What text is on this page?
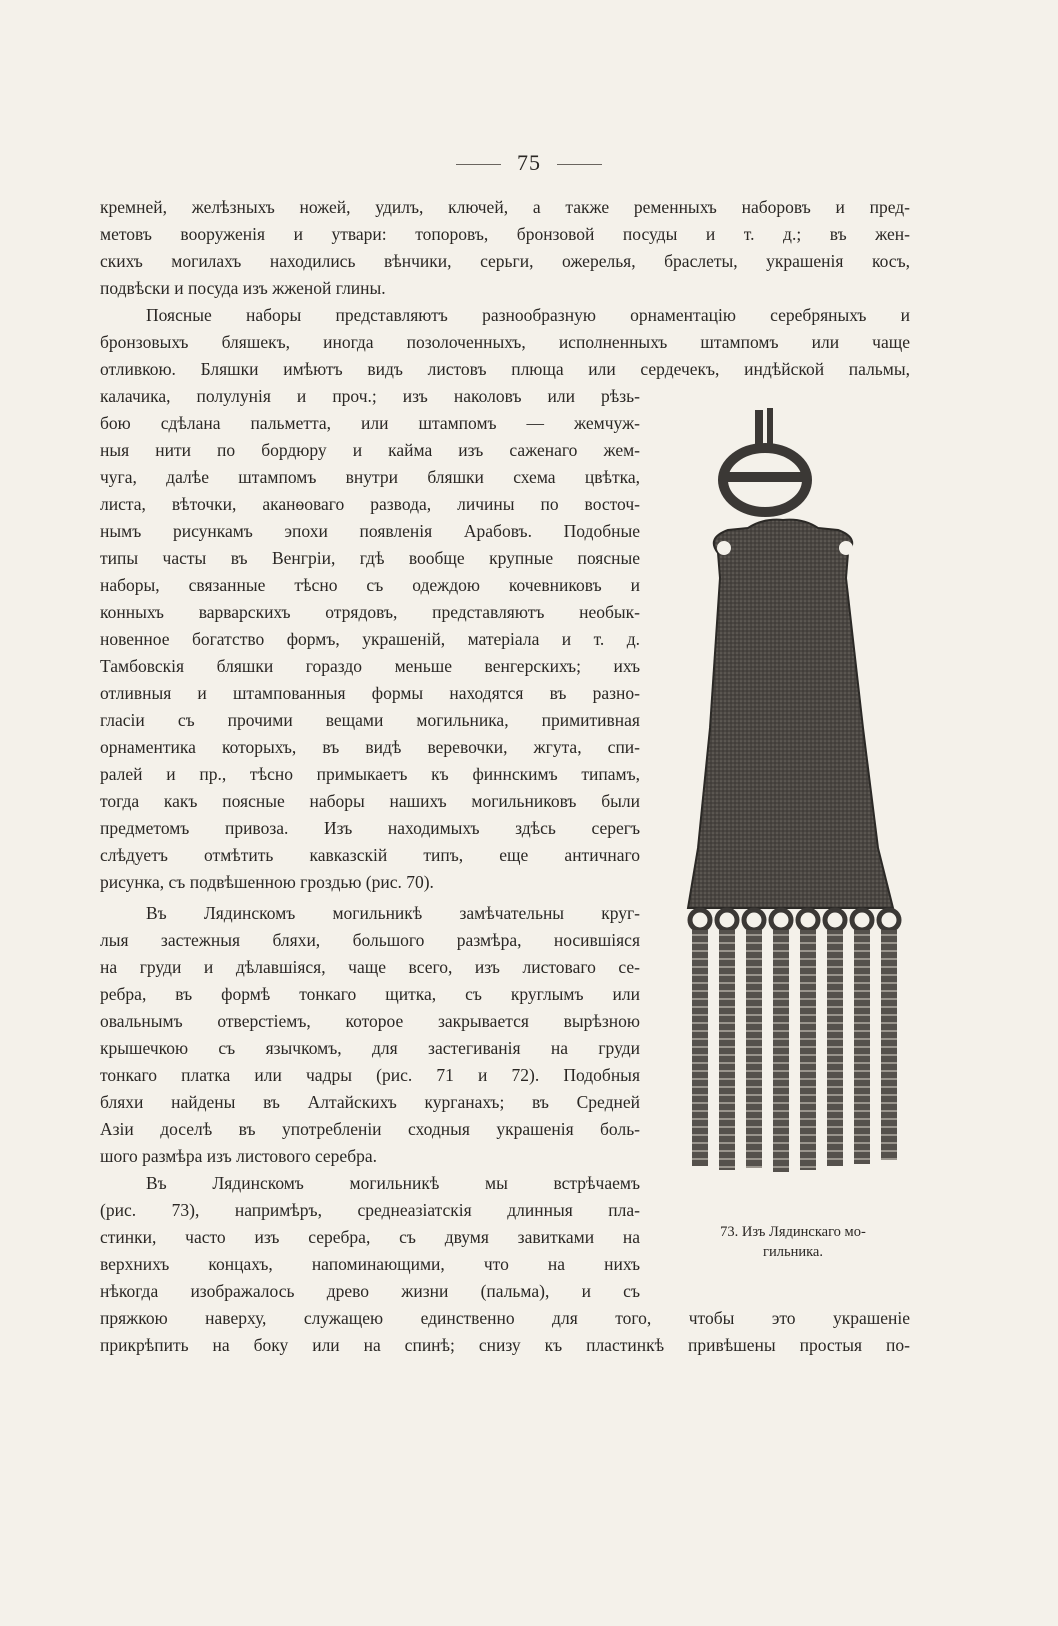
75
кремней, желѣзныхъ ножей, удилъ, ключей, а также ременныхъ наборовъ и пред-
метовъ вооруженія и утвари: топоровъ, бронзовой посуды и т. д.; въ жен-
скихъ могилахъ находились вѣнчики, серьги, ожерелья, браслеты, украшенія косъ,
подвѣски и посуда изъ жженой глины.
Поясные наборы представляютъ разнообразную орнаментацію серебряныхъ и
бронзовыхъ бляшекъ, иногда позолоченныхъ, исполненныхъ штампомъ или чаще
отливкою. Бляшки имѣютъ видъ листовъ плюща или сердечекъ, индѣйской пальмы,
калачика, полулунія и проч.; изъ наколовъ или рѣзь-
бою сдѣлана пальметта, или штампомъ — жемчуж-
ныя нити по бордюру и кайма изъ саженаго жем-
чуга, далѣе штампомъ внутри бляшки схема цвѣтка,
листа, вѣточки, аканѳоваго развода, личины по восточ-
нымъ рисункамъ эпохи появленія Арабовъ. Подобные
типы часты въ Венгріи, гдѣ вообще крупные поясные
наборы, связанные тѣсно съ одеждою кочевниковъ и
конныхъ варварскихъ отрядовъ, представляютъ необык-
новенное богатство формъ, украшеній, матеріала и т. д.
Тамбовскія бляшки гораздо меньше венгерскихъ; ихъ
отливныя и штампованныя формы находятся въ разно-
гласіи съ прочими вещами могильника, примитивная
орнаментика которыхъ, въ видѣ веревочки, жгута, спи-
ралей и пр., тѣсно примыкаетъ къ финнскимъ типамъ,
тогда какъ поясные наборы нашихъ могильниковъ были
предметомъ привоза. Изъ находимыхъ здѣсь серегъ
слѣдуетъ отмѣтить кавказскій типъ, еще античнаго
рисунка, съ подвѣшенною гроздью (рис. 70).
Въ Лядинскомъ могильникѣ замѣчательны круг-
лыя застежныя бляхи, большого размѣра, носившіяся
на груди и дѣлавшіяся, чаще всего, изъ листоваго се-
ребра, въ формѣ тонкаго щитка, съ круглымъ или
овальнымъ отверстіемъ, которое закрывается вырѣзною
крышечкою съ язычкомъ, для застегиванія на груди
тонкаго платка или чадры (рис. 71 и 72). Подобныя
бляхи найдены въ Алтайскихъ курганахъ; въ Средней
Азіи доселѣ въ употребленіи сходныя украшенія боль-
шого размѣра изъ листового серебра.
Въ Лядинскомъ могильникѣ мы встрѣчаемъ
(рис. 73), напримѣръ, среднеазіатскія длинныя пла-
стинки, часто изъ серебра, съ двумя завитками на
верхнихъ концахъ, напоминающими, что на нихъ
нѣкогда изображалось древо жизни (пальма), и съ
пряжкою наверху, служащею единственно для того, чтобы это украшеніе
прикрѣпить на боку или на спинѣ; снизу къ пластинкѣ привѣшены простыя по-
73. Изъ Лядинскаго мо-
гильника.
